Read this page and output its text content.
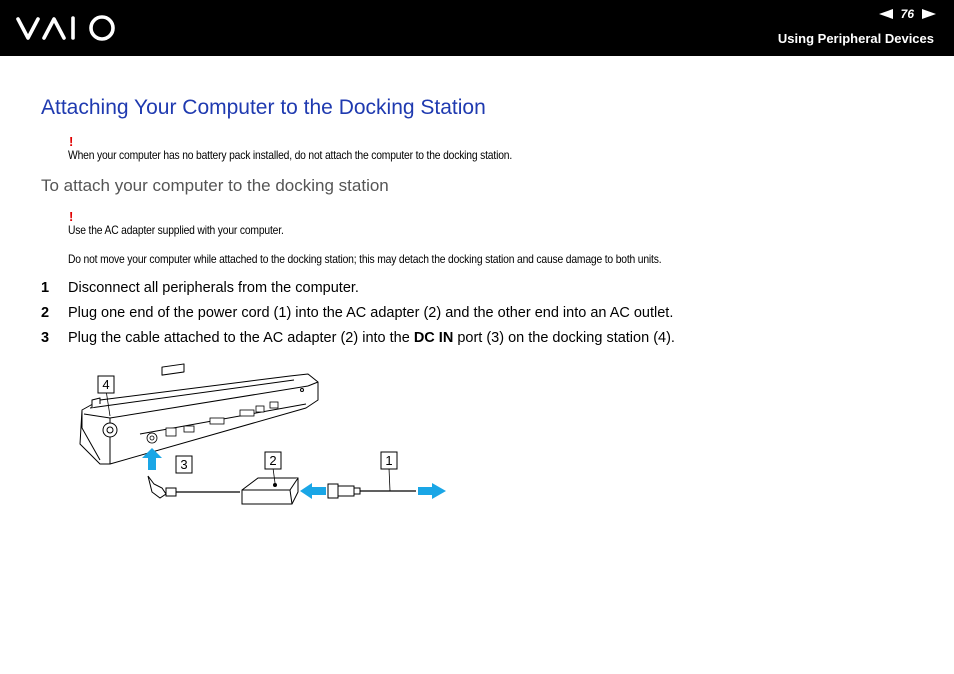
76
Using Peripheral Devices
Attaching Your Computer to the Docking Station
!
When your computer has no battery pack installed, do not attach the computer to the docking station.
To attach your computer to the docking station
!
Use the AC adapter supplied with your computer.
Do not move your computer while attached to the docking station; this may detach the docking station and cause damage to both units.
1 Disconnect all peripherals from the computer.
2 Plug one end of the power cord (1) into the AC adapter (2) and the other end into an AC outlet.
3 Plug the cable attached to the AC adapter (2) into the DC IN port (3) on the docking station (4).
4
3	2	1
